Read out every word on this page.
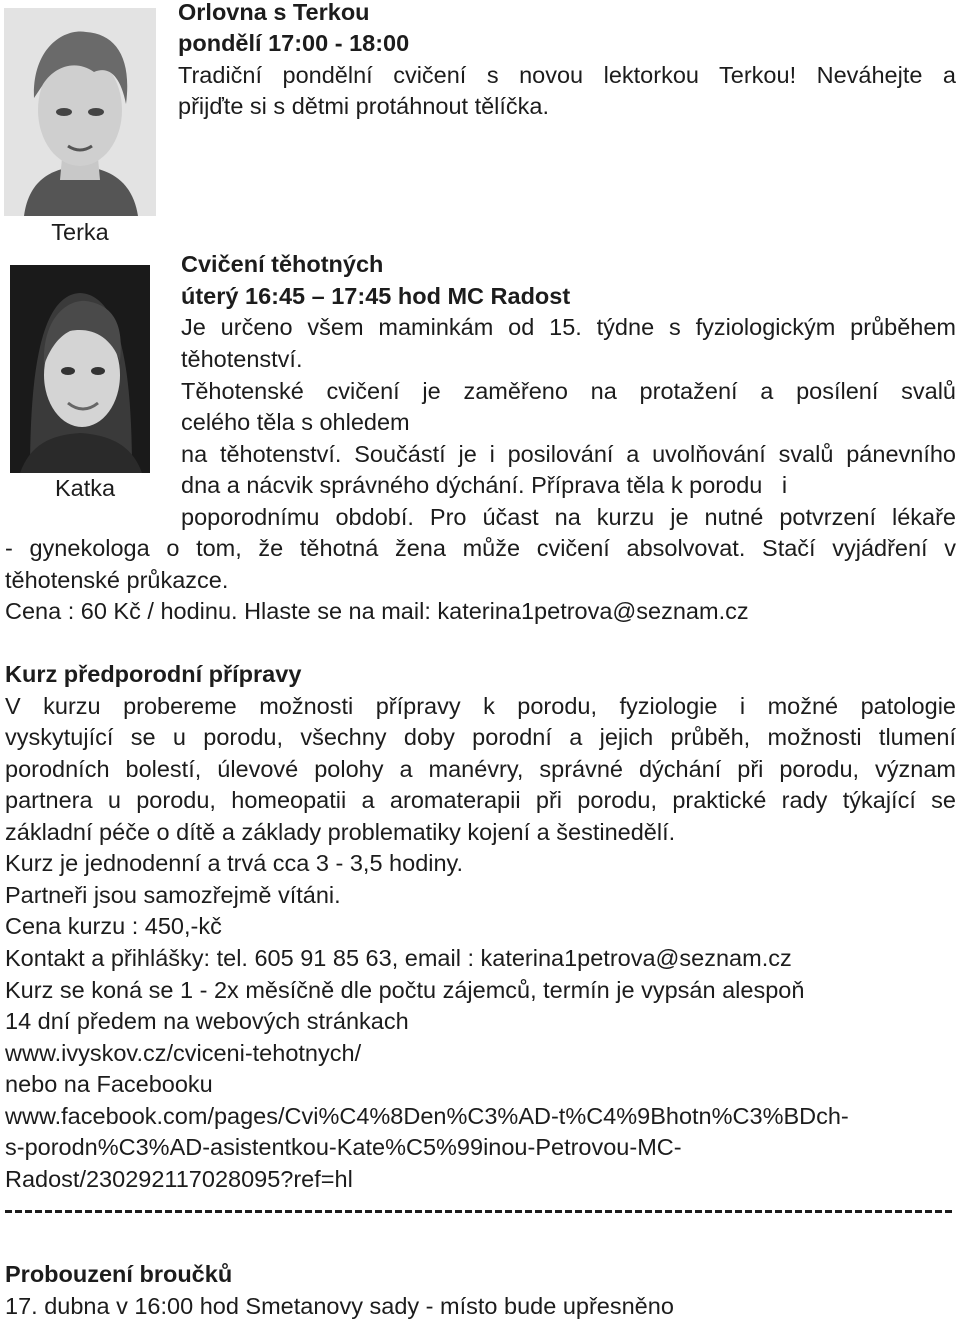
Terka
Katka
Orlovna s Terkou
pondělí 17:00 - 18:00
Tradiční pondělní cvičení s novou lektorkou Terkou! Neváhejte a
přijďte si s dětmi protáhnout tělíčka.
Cvičení těhotných
úterý 16:45 – 17:45 hod MC Radost
Je určeno všem maminkám od 15. týdne s fyziologickým průběhem
těhotenství.
Těhotenské cvičení je zaměřeno na protažení a posílení svalů
celého těla s ohledem
na těhotenství. Součástí je i posilování a uvolňování svalů pánevního
dna a nácvik správného dýchání. Příprava těla k porodu   i
poporodnímu období. Pro účast na kurzu je nutné potvrzení lékaře
- gynekologa o tom, že těhotná žena může cvičení absolvovat. Stačí vyjádření v
těhotenské průkazce.
Cena : 60 Kč / hodinu. Hlaste se na mail: katerina1petrova@seznam.cz
Kurz předporodní přípravy
V kurzu probereme možnosti přípravy k porodu, fyziologie i možné patologie
vyskytující se u porodu, všechny doby porodní a jejich průběh, možnosti tlumení
porodních bolestí, úlevové polohy a manévry, správné dýchání při porodu, význam
partnera u porodu, homeopatii a aromaterapii při porodu, praktické rady týkající se
základní péče o dítě a základy problematiky kojení a šestinedělí.
Kurz je jednodenní a trvá cca 3 - 3,5 hodiny.
Partneři jsou samozřejmě vítáni.
Cena kurzu : 450,-kč
Kontakt a přihlášky: tel. 605 91 85 63, email : katerina1petrova@seznam.cz
Kurz se koná se 1 - 2x měsíčně dle počtu zájemců, termín je vypsán alespoň
14 dní předem na webových stránkach
www.ivyskov.cz/cviceni-tehotnych/
nebo na Facebooku
www.facebook.com/pages/Cvi%C4%8Den%C3%AD-t%C4%9Bhotn%C3%BDch-
s-porodn%C3%AD-asistentkou-Kate%C5%99inou-Petrovou-MC-
Radost/230292117028095?ref=hl
Probouzení broučků
17. dubna v 16:00 hod Smetanovy sady - místo bude upřesněno
